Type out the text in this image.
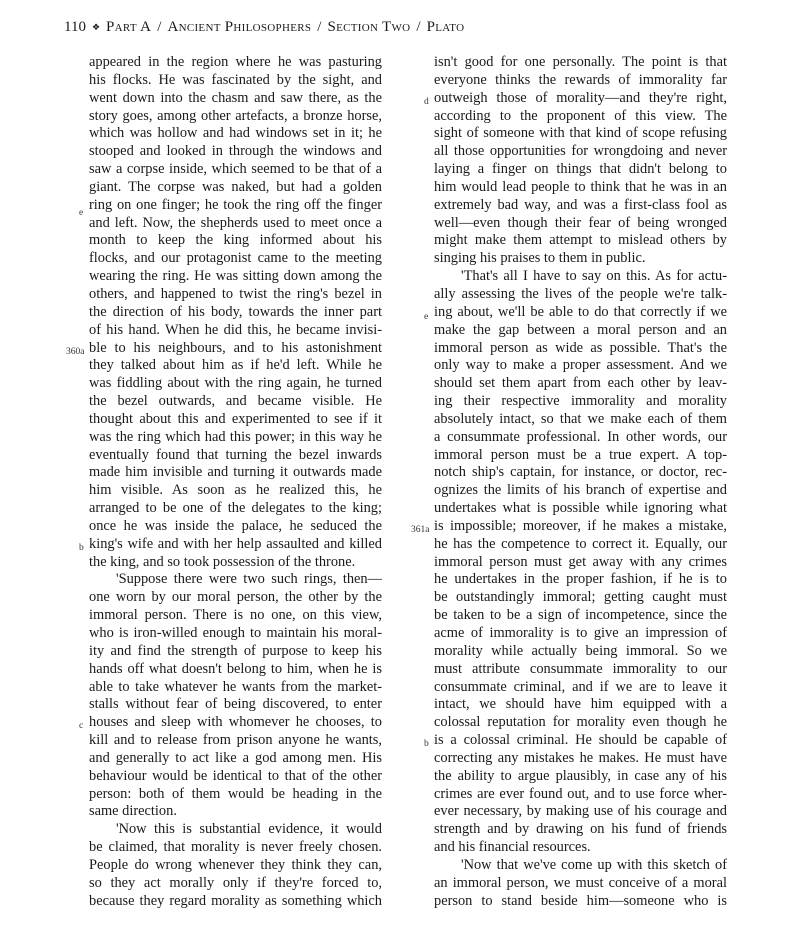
110 ❖ Part A / Ancient Philosophers / Section Two / Plato
appeared in the region where he was pasturing
his flocks. He was fascinated by the sight, and
went down into the chasm and saw there, as the
story goes, among other artefacts, a bronze horse,
which was hollow and had windows set in it; he
stooped and looked in through the windows and
saw a corpse inside, which seemed to be that of a
giant. The corpse was naked, but had a golden
ring on one finger; he took the ring off the finger
and left. Now, the shepherds used to meet once a
month to keep the king informed about his
flocks, and our protagonist came to the meeting
wearing the ring. He was sitting down among the
others, and happened to twist the ring's bezel in
the direction of his body, towards the inner part
of his hand. When he did this, he became invisi-
ble to his neighbours, and to his astonishment
they talked about him as if he'd left. While he
was fiddling about with the ring again, he turned
the bezel outwards, and became visible. He
thought about this and experimented to see if it
was the ring which had this power; in this way he
eventually found that turning the bezel inwards
made him invisible and turning it outwards made
him visible. As soon as he realized this, he
arranged to be one of the delegates to the king;
once he was inside the palace, he seduced the
king's wife and with her help assaulted and killed
the king, and so took possession of the throne.
'Suppose there were two such rings, then—
one worn by our moral person, the other by the
immoral person. There is no one, on this view,
who is iron-willed enough to maintain his moral-
ity and find the strength of purpose to keep his
hands off what doesn't belong to him, when he is
able to take whatever he wants from the market-
stalls without fear of being discovered, to enter
houses and sleep with whomever he chooses, to
kill and to release from prison anyone he wants,
and generally to act like a god among men. His
behaviour would be identical to that of the other
person: both of them would be heading in the
same direction.
'Now this is substantial evidence, it would
be claimed, that morality is never freely chosen.
People do wrong whenever they think they can,
so they act morally only if they're forced to,
because they regard morality as something which
isn't good for one personally. The point is that
everyone thinks the rewards of immorality far
outweigh those of morality—and they're right,
according to the proponent of this view. The
sight of someone with that kind of scope refusing
all those opportunities for wrongdoing and never
laying a finger on things that didn't belong to
him would lead people to think that he was in an
extremely bad way, and was a first-class fool as
well—even though their fear of being wronged
might make them attempt to mislead others by
singing his praises to them in public.
'That's all I have to say on this. As for actu-
ally assessing the lives of the people we're talk-
ing about, we'll be able to do that correctly if we
make the gap between a moral person and an
immoral person as wide as possible. That's the
only way to make a proper assessment. And we
should set them apart from each other by leav-
ing their respective immorality and morality
absolutely intact, so that we make each of them
a consummate professional. In other words, our
immoral person must be a true expert. A top-
notch ship's captain, for instance, or doctor, rec-
ognizes the limits of his branch of expertise and
undertakes what is possible while ignoring what
is impossible; moreover, if he makes a mistake,
he has the competence to correct it. Equally, our
immoral person must get away with any crimes
he undertakes in the proper fashion, if he is to
be outstandingly immoral; getting caught must
be taken to be a sign of incompetence, since the
acme of immorality is to give an impression of
morality while actually being immoral. So we
must attribute consummate immorality to our
consummate criminal, and if we are to leave it
intact, we should have him equipped with a
colossal reputation for morality even though he
is a colossal criminal. He should be capable of
correcting any mistakes he makes. He must have
the ability to argue plausibly, in case any of his
crimes are ever found out, and to use force wher-
ever necessary, by making use of his courage and
strength and by drawing on his fund of friends
and his financial resources.
'Now that we've come up with this sketch of
an immoral person, we must conceive of a moral
person to stand beside him—someone who is
e
360a
b
c
d
e
361a
b
